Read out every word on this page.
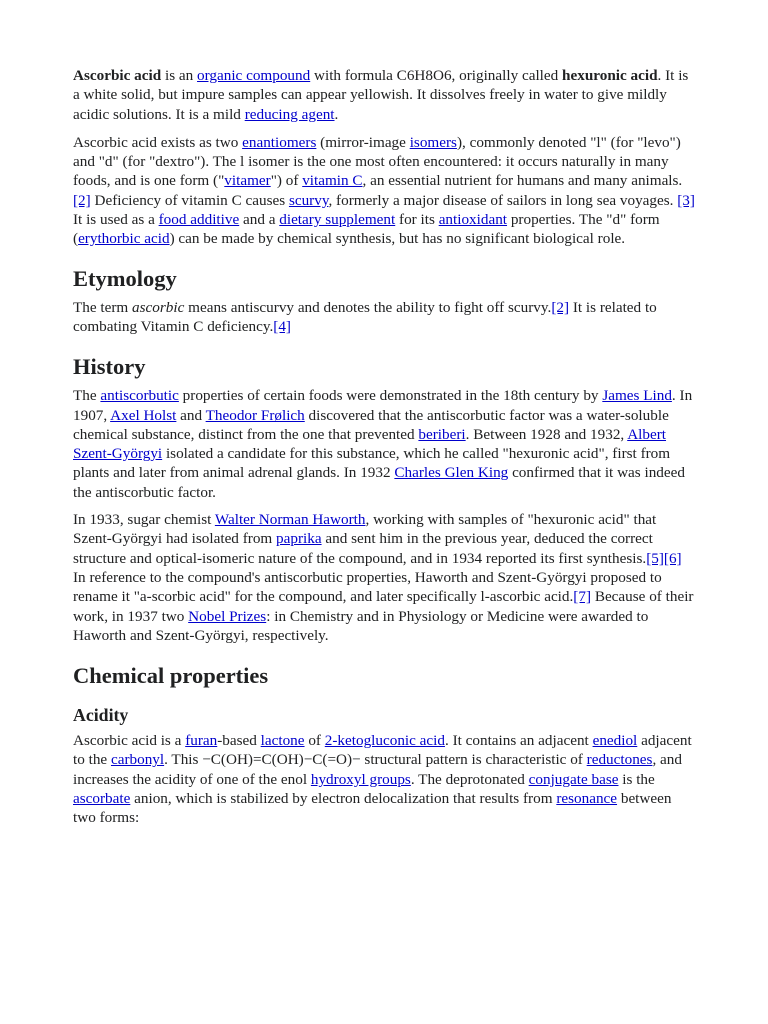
Ascorbic acid is an organic compound with formula C6H8O6, originally called hexuronic acid. It is a white solid, but impure samples can appear yellowish. It dissolves freely in water to give mildly acidic solutions. It is a mild reducing agent.

Ascorbic acid exists as two enantiomers (mirror-image isomers), commonly denoted "l" (for "levo") and "d" (for "dextro"). The l isomer is the one most often encountered: it occurs naturally in many foods, and is one form ("vitamer") of vitamin C, an essential nutrient for humans and many animals. [2] Deficiency of vitamin C causes scurvy, formerly a major disease of sailors in long sea voyages. [3] It is used as a food additive and a dietary supplement for its antioxidant properties. The "d" form (erythorbic acid) can be made by chemical synthesis, but has no significant biological role.

Etymology

The term ascorbic means antiscurvy and denotes the ability to fight off scurvy.[2] It is related to combating Vitamin C deficiency.[4]

History

The antiscorbutic properties of certain foods were demonstrated in the 18th century by James Lind. In 1907, Axel Holst and Theodor Frølich discovered that the antiscorbutic factor was a water-soluble chemical substance, distinct from the one that prevented beriberi. Between 1928 and 1932, Albert Szent-Györgyi isolated a candidate for this substance, which he called "hexuronic acid", first from plants and later from animal adrenal glands. In 1932 Charles Glen King confirmed that it was indeed the antiscorbutic factor.

In 1933, sugar chemist Walter Norman Haworth, working with samples of "hexuronic acid" that Szent-Györgyi had isolated from paprika and sent him in the previous year, deduced the correct structure and optical-isomeric nature of the compound, and in 1934 reported its first synthesis.[5][6] In reference to the compound's antiscorbutic properties, Haworth and Szent-Györgyi proposed to rename it "a-scorbic acid" for the compound, and later specifically l-ascorbic acid.[7] Because of their work, in 1937 two Nobel Prizes: in Chemistry and in Physiology or Medicine were awarded to Haworth and Szent-Györgyi, respectively.

Chemical properties
Acidity

Ascorbic acid is a furan-based lactone of 2-ketogluconic acid. It contains an adjacent enediol adjacent to the carbonyl. This −C(OH)=C(OH)−C(=O)− structural pattern is characteristic of reductones, and increases the acidity of one of the enol hydroxyl groups. The deprotonated conjugate base is the ascorbate anion, which is stabilized by electron delocalization that results from resonance between two forms:
